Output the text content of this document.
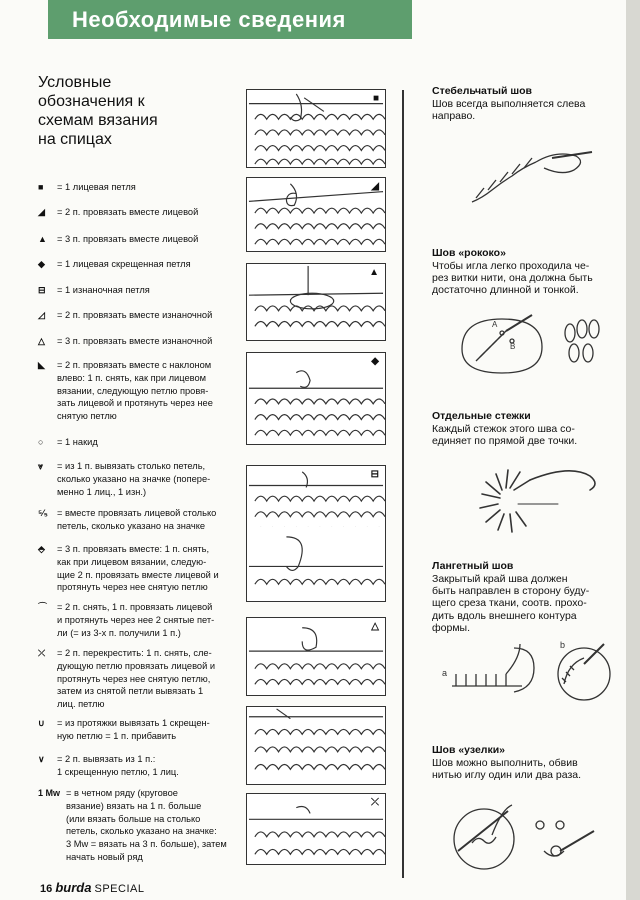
Необходимые сведения
Условные
обозначения к
схемам вязания
на спицах
■	= 1 лицевая петля
◢	= 2 п. провязать вместе лицевой
▲	= 3 п. провязать вместе лицевой
◆	= 1 лицевая скрещенная петля
⊟	= 1 изнаночная петля
◿	= 2 п. провязать вместе изнаночной
△	= 3 п. провязать вместе изнаночной
◣	= 2 п. провязать вместе с наклоном
влево: 1 п. снять, как при лицевом
вязании, следующую петлю провя-
зать лицевой и протянуть через нее
снятую петлю
○	= 1 накид
⩔	= из 1 п. вывязать столько петель,
сколько указано на значке (попере-
менно 1 лиц., 1 изн.)
⁵⁄₅ = вместе провязать лицевой столько
петель, сколько указано на значке
⬘	= 3 п. провязать вместе: 1 п. снять,
как при лицевом вязании, следую-
щие 2 п. провязать вместе лицевой и
протянуть через нее снятую петлю
⌒	= 2 п. снять, 1 п. провязать лицевой
и протянуть через нее 2 снятые пет-
ли (= из 3-х п. получили 1 п.)
⤫	= 2 п. перекрестить: 1 п. снять, сле-
дующую петлю провязать лицевой и
протянуть через нее снятую петлю,
затем из снятой петли вывязать 1
лиц. петлю
∪	= из протяжки вывязать 1 скрещен-
ную петлю = 1 п. прибавить
∨	= 2 п. вывязать из 1 п.:
1 скрещенную петлю, 1 лиц.
1 Mw = в четном ряду (круговое
вязание) вязать на 1 п. больше
(или вязать больше на столько
петель, сколько указано на значке:
3 Mw = вязать на 3 п. больше), затем
начать новый ряд
■
◢
▲
◆
⊟
△
⤫
Стебельчатый шов

Шов всегда выполняется слева
направо.

Шов «рококо»

Чтобы игла легко проходила че-
рез витки нити, она должна быть
достаточно длинной и тонкой.

A
B
Отдельные стежки

Каждый стежок этого шва со-
единяет по прямой две точки.

Лангетный шов

Закрытый край шва должен
быть направлен в сторону буду-
щего среза ткани, соотв. прохо-
дить вдоль внешнего контура
формы.

a
b
Шов «узелки»

Шов можно выполнить, обвив
нитью иглу один или два раза.

16 burda SPECIAL
